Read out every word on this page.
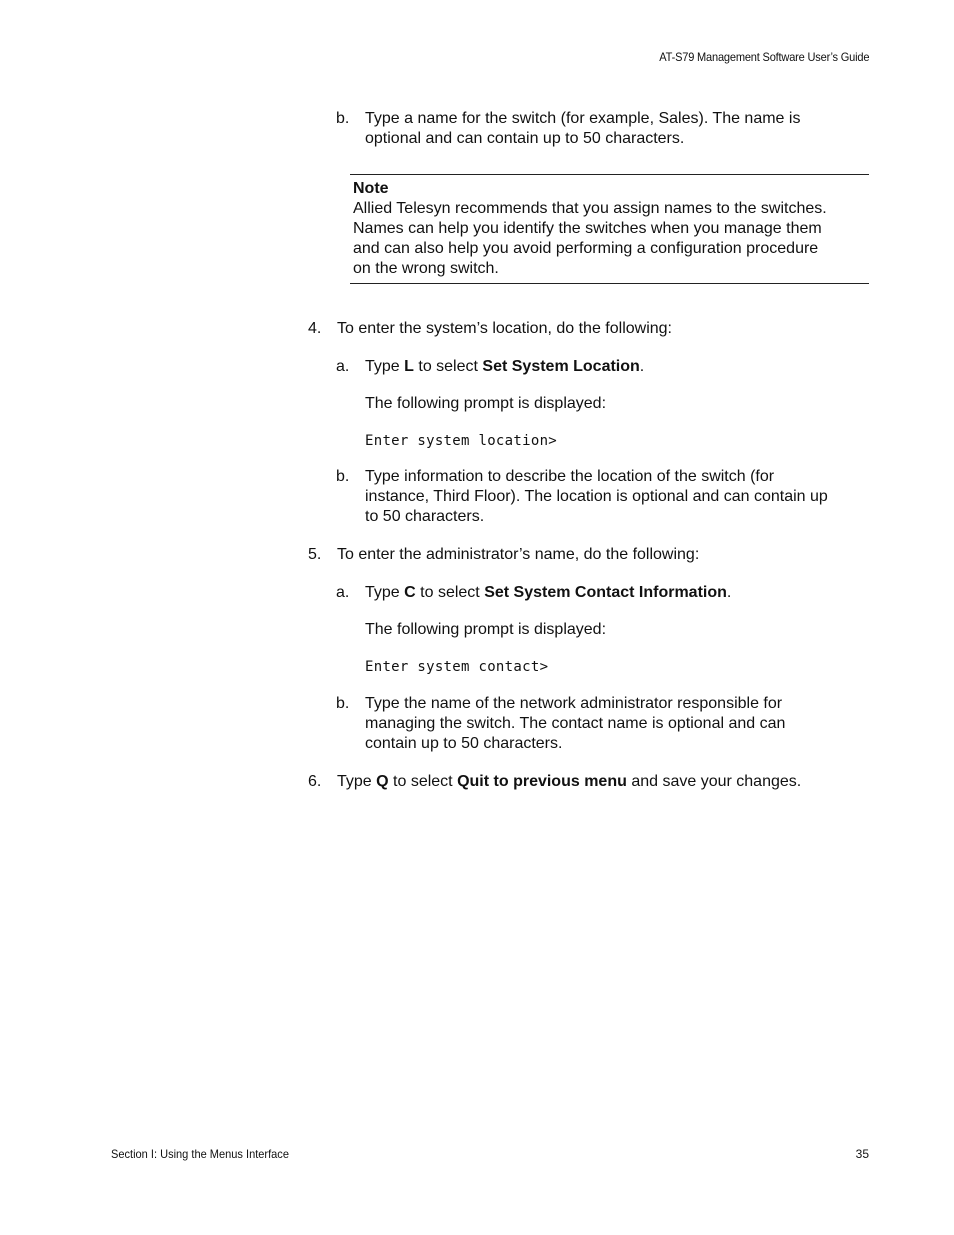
AT-S79 Management Software User’s Guide
b. Type a name for the switch (for example, Sales). The name is
optional and can contain up to 50 characters.
Note
Allied Telesyn recommends that you assign names to the switches.
Names can help you identify the switches when you manage them
and can also help you avoid performing a configuration procedure
on the wrong switch.
4. To enter the system’s location, do the following:
a. Type L to select Set System Location.
The following prompt is displayed:
Enter system location>
b. Type information to describe the location of the switch (for
instance, Third Floor). The location is optional and can contain up
to 50 characters.
5. To enter the administrator’s name, do the following:
a. Type C to select Set System Contact Information.
The following prompt is displayed:
Enter system contact>
b. Type the name of the network administrator responsible for
managing the switch. The contact name is optional and can
contain up to 50 characters.
6. Type Q to select Quit to previous menu and save your changes.
Section I: Using the Menus Interface	35
